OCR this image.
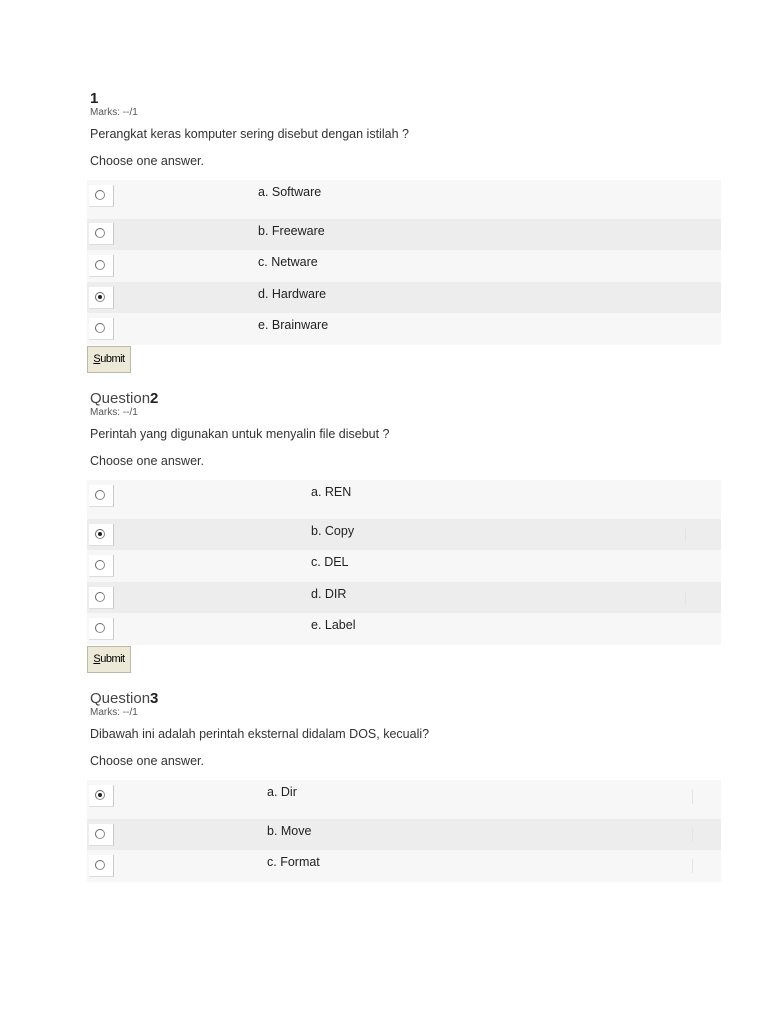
1
Marks: --/1
Perangkat keras komputer sering disebut dengan istilah ?
Choose one answer.
a. Software
b. Freeware
c. Netware
d. Hardware
e. Brainware
Submit
Question2
Marks: --/1
Perintah yang digunakan untuk menyalin file disebut ?
Choose one answer.
a. REN
b. Copy
c. DEL
d. DIR
e. Label
Submit
Question3
Marks: --/1
Dibawah ini adalah perintah eksternal didalam DOS, kecuali?
Choose one answer.
a. Dir
b. Move
c. Format
